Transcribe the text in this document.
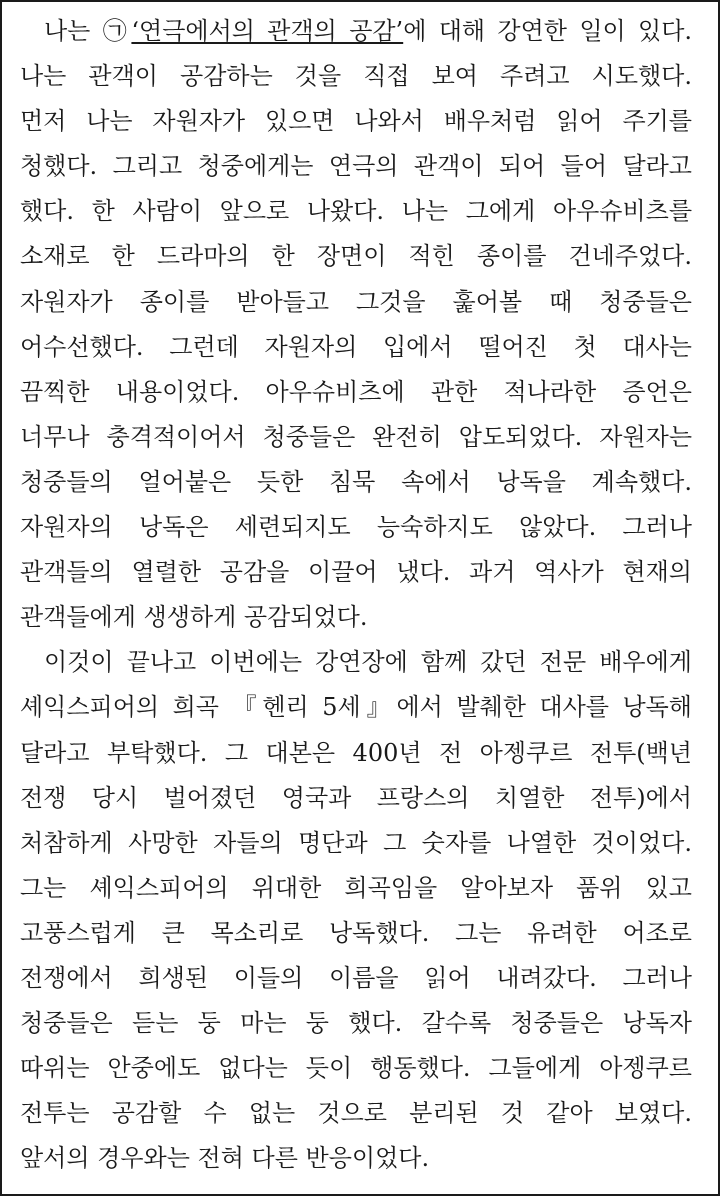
나는 ㉠‘연극에서의 관객의 공감’에 대해 강연한 일이 있다.
나는 관객이 공감하는 것을 직접 보여 주려고 시도했다.
먼저 나는 자원자가 있으면 나와서 배우처럼 읽어 주기를
청했다. 그리고 청중에게는 연극의 관객이 되어 들어 달라고
했다. 한 사람이 앞으로 나왔다. 나는 그에게 아우슈비츠를
소재로 한 드라마의 한 장면이 적힌 종이를 건네주었다.
자원자가 종이를 받아들고 그것을 훑어볼 때 청중들은
어수선했다. 그런데 자원자의 입에서 떨어진 첫 대사는
끔찍한 내용이었다. 아우슈비츠에 관한 적나라한 증언은
너무나 충격적이어서 청중들은 완전히 압도되었다. 자원자는
청중들의 얼어붙은 듯한 침묵 속에서 낭독을 계속했다.
자원자의 낭독은 세련되지도 능숙하지도 않았다. 그러나
관객들의 열렬한 공감을 이끌어 냈다. 과거 역사가 현재의
관객들에게 생생하게 공감되었다.
이것이 끝나고 이번에는 강연장에 함께 갔던 전문 배우에게
셰익스피어의 희곡 『헨리 5세』에서 발췌한 대사를 낭독해
달라고 부탁했다. 그 대본은 400년 전 아젱쿠르 전투(백년
전쟁 당시 벌어졌던 영국과 프랑스의 치열한 전투)에서
처참하게 사망한 자들의 명단과 그 숫자를 나열한 것이었다.
그는 셰익스피어의 위대한 희곡임을 알아보자 품위 있고
고풍스럽게 큰 목소리로 낭독했다. 그는 유려한 어조로
전쟁에서 희생된 이들의 이름을 읽어 내려갔다. 그러나
청중들은 듣는 둥 마는 둥 했다. 갈수록 청중들은 낭독자
따위는 안중에도 없다는 듯이 행동했다. 그들에게 아젱쿠르
전투는 공감할 수 없는 것으로 분리된 것 같아 보였다.
앞서의 경우와는 전혀 다른 반응이었다.
